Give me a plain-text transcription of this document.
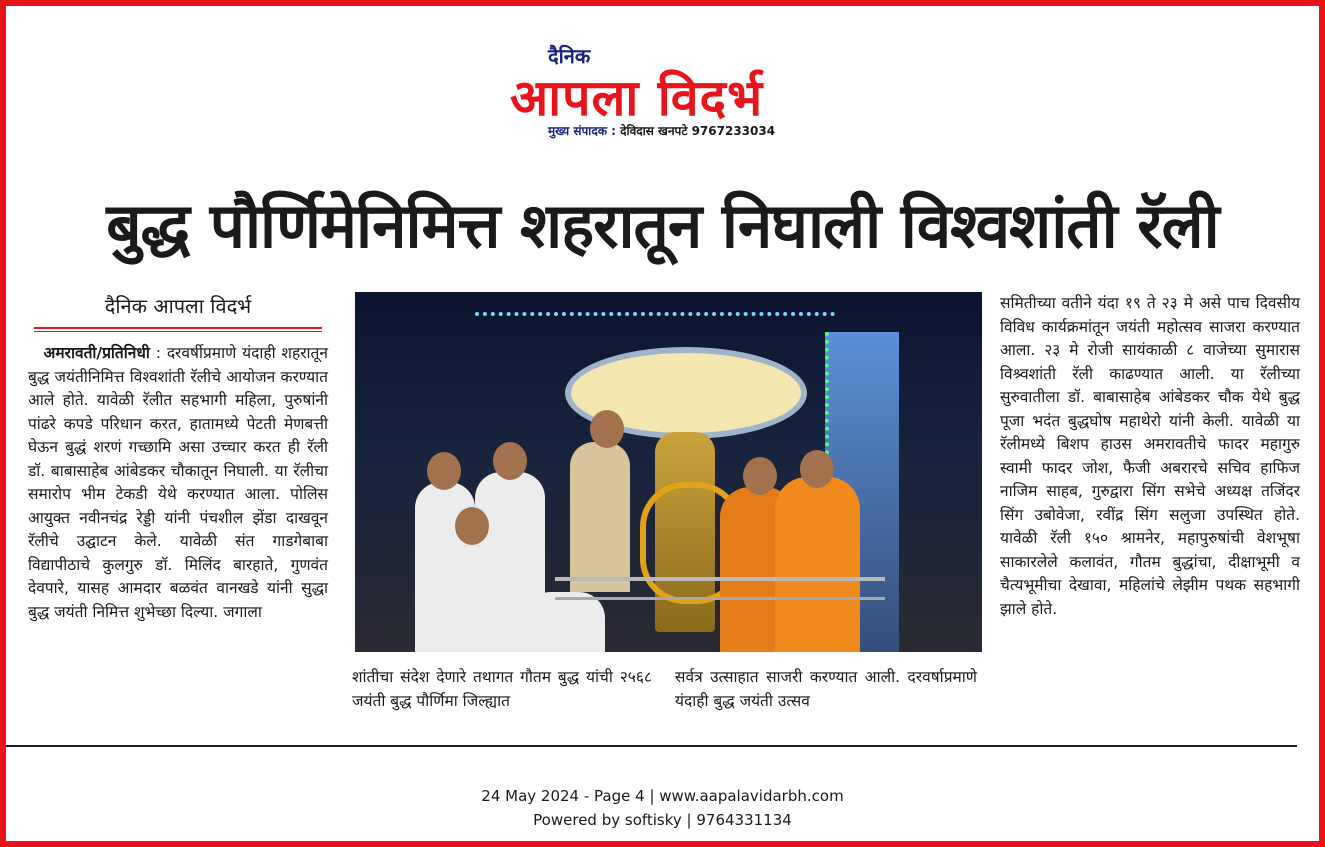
दैनिक
आपला विदर्भ
मुख्य संपादक : देविदास खनपटे 9767233034
बुद्ध पौर्णिमेनिमित्त शहरातून निघाली विश्वशांती रॅली
दैनिक आपला विदर्भ
 अमरावती/प्रतिनिधी : दरवर्षीप्रमाणे यंदाही शहरातून बुद्ध जयंतीनिमित्त विश्वशांती रॅलीचे आयोजन करण्यात आले होते. यावेळी रॅलीत सहभागी महिला, पुरुषांनी पांढरे कपडे परिधान करत, हातामध्ये पेटती मेणबत्ती घेऊन बुद्धं शरणं गच्छामि असा उच्चार करत ही रॅली डॉ. बाबासाहेब आंबेडकर चौकातून निघाली. या रॅलीचा समारोप भीम टेकडी येथे करण्यात आला. पोलिस आयुक्त नवीनचंद्र रेड्डी यांनी पंचशील झेंडा दाखवून रॅलीचे उद्घाटन केले. यावेळी संत गाडगेबाबा विद्यापीठाचे कुलगुरु डॉ. मिलिंद बारहाते, गुणवंत देवपारे, यासह आमदार बळवंत वानखडे यांनी सुद्धा बुद्ध जयंती निमित्त शुभेच्छा दिल्या. जगाला
शांतीचा संदेश देणारे तथागत गौतम बुद्ध यांची २५६८ जयंती बुद्ध पौर्णिमा जिल्ह्यात
सर्वत्र उत्साहात साजरी करण्यात आली. दरवर्षाप्रमाणे यंदाही बुद्ध जयंती उत्सव
समितीच्या वतीने यंदा १९ ते २३ मे असे पाच दिवसीय विविध कार्यक्रमांतून जयंती महोत्सव साजरा करण्यात आला. २३ मे रोजी सायंकाळी ८ वाजेच्या सुमारास विश्र्वशांती रॅली काढण्यात आली. या रॅलीच्या सुरुवातीला डॉ. बाबासाहेब आंबेडकर चौक येथे बुद्ध पूजा भदंत बुद्धघोष महाथेरो यांनी केली. यावेळी या रॅलीमध्ये बिशप हाउस अमरावतीचे फादर महागुरु स्वामी फादर जोश, फैजी अबरारचे सचिव हाफिज नाजिम साहब, गुरुद्वारा सिंग सभेचे अध्यक्ष तजिंदर सिंग उबोवेजा, रवींद्र सिंग सलुजा उपस्थित होते. यावेळी रॅली १५० श्रामनेर, महापुरुषांची वेशभूषा साकारलेले कलावंत, गौतम बुद्धांचा, दीक्षाभूमी व चैत्यभूमीचा देखावा, महिलांचे लेझीम पथक सहभागी झाले होते.
24 May 2024 - Page 4 | www.aapalavidarbh.com
Powered by softisky | 9764331134
